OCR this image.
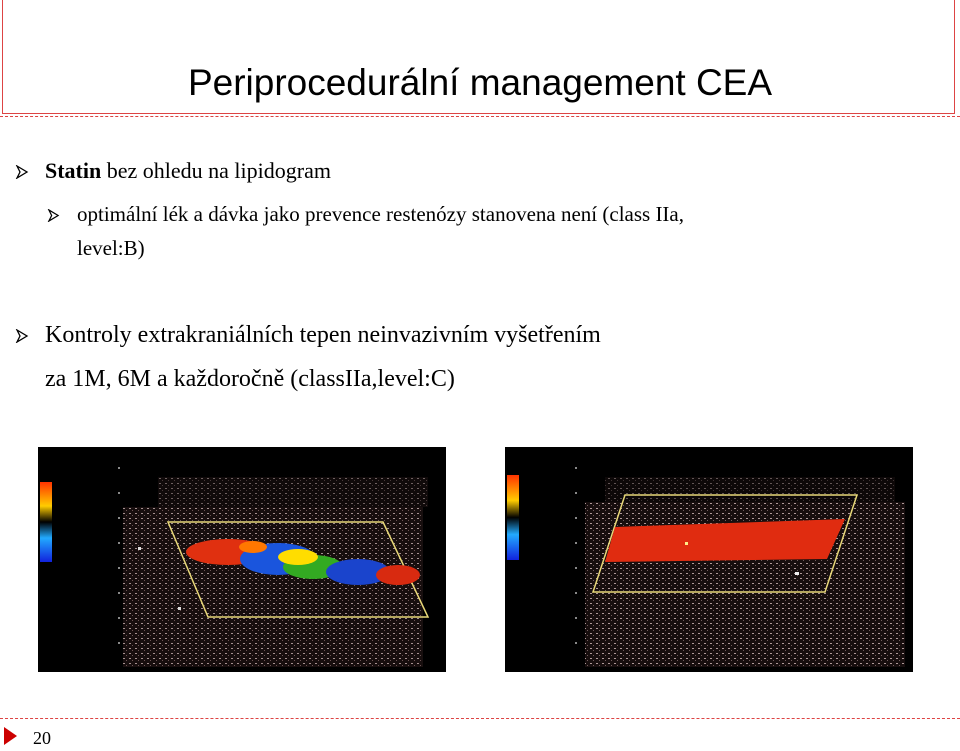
Periprocedurální management CEA
Statin bez ohledu na lipidogram
optimální lék a dávka jako prevence restenózy stanovena není (class IIa,
level:B)
Kontroly extrakraniálních tepen neinvazivním vyšetřením
za 1M, 6M a každoročně (classIIa,level:C)
20
